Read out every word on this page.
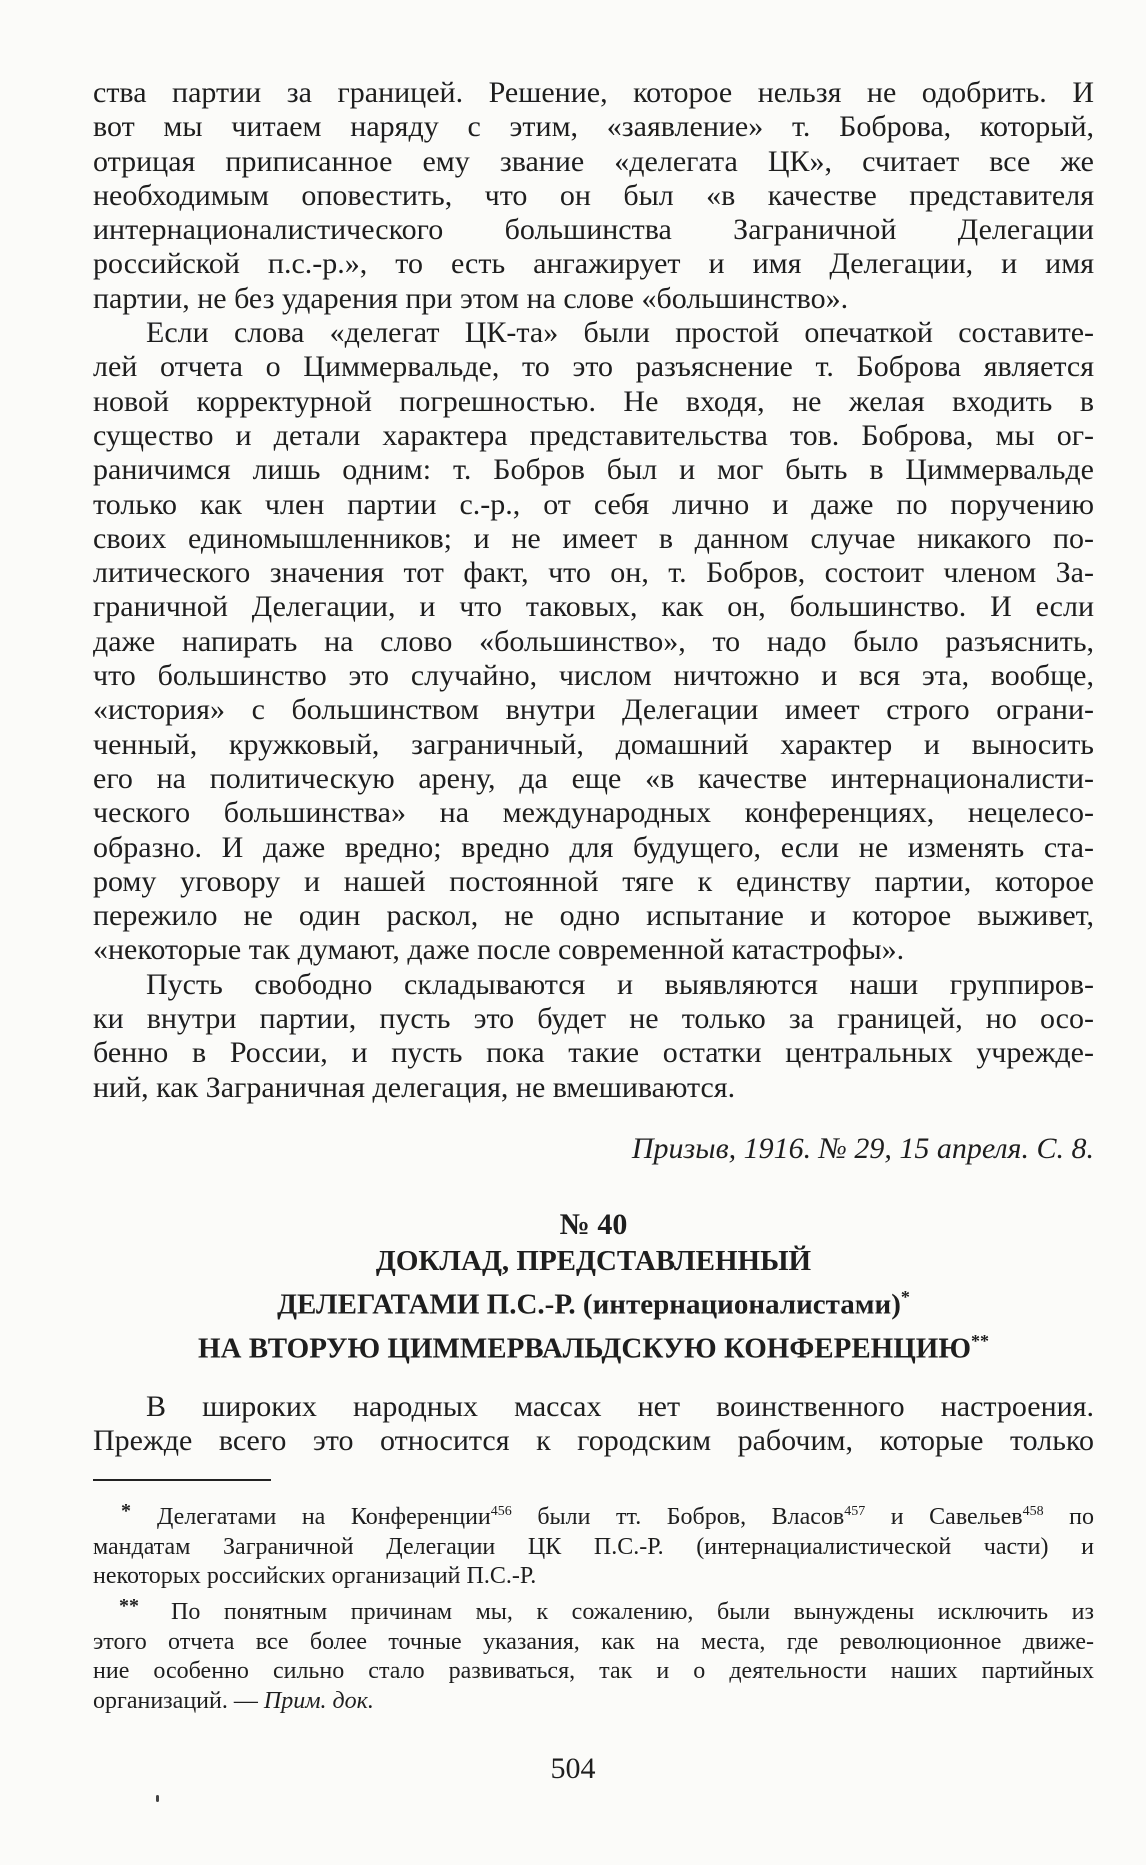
ства партии за границей. Решение, которое нельзя не одобрить. И
вот мы читаем наряду с этим, «заявление» т. Боброва, который,
отрицая приписанное ему звание «делегата ЦК», считает все же
необходимым оповестить, что он был «в качестве представителя
интернационалистического большинства Заграничной Делегации
российской п.с.-р.», то есть ангажирует и имя Делегации, и имя
партии, не без ударения при этом на слове «большинство».
Если слова «делегат ЦК-та» были простой опечаткой составите-
лей отчета о Циммервальде, то это разъяснение т. Боброва является
новой корректурной погрешностью. Не входя, не желая входить в
существо и детали характера представительства тов. Боброва, мы ог-
раничимся лишь одним: т. Бобров был и мог быть в Циммервальде
только как член партии с.-р., от себя лично и даже по поручению
своих единомышленников; и не имеет в данном случае никакого по-
литического значения тот факт, что он, т. Бобров, состоит членом За-
граничной Делегации, и что таковых, как он, большинство. И если
даже напирать на слово «большинство», то надо было разъяснить,
что большинство это случайно, числом ничтожно и вся эта, вообще,
«история» с большинством внутри Делегации имеет строго ограни-
ченный, кружковый, заграничный, домашний характер и выносить
его на политическую арену, да еще «в качестве интернационалисти-
ческого большинства» на международных конференциях, нецелесо-
образно. И даже вредно; вредно для будущего, если не изменять ста-
рому уговору и нашей постоянной тяге к единству партии, которое
пережило не один раскол, не одно испытание и которое выживет,
«некоторые так думают, даже после современной катастрофы».
Пусть свободно складываются и выявляются наши группиров-
ки внутри партии, пусть это будет не только за границей, но осо-
бенно в России, и пусть пока такие остатки центральных учрежде-
ний, как Заграничная делегация, не вмешиваются.
Призыв, 1916. № 29, 15 апреля. С. 8.
№ 40
ДОКЛАД, ПРЕДСТАВЛЕННЫЙ
ДЕЛЕГАТАМИ П.С.-Р. (интернационалистами)*
НА ВТОРУЮ ЦИММЕРВАЛЬДСКУЮ КОНФЕРЕНЦИЮ**
В широких народных массах нет воинственного настроения.
Прежде всего это относится к городским рабочим, которые только
*	Делегатами на Конференции$^{456}$ были тт. Бобров, Власов$^{457}$ и Савельев$^{458}$ по
мандатам Заграничной Делегации ЦК П.С.-Р. (интернациалистической части) и
некоторых российских организаций П.С.-Р.
**	По понятным причинам мы, к сожалению, были вынуждены исключить из
этого отчета все более точные указания, как на места, где революционное движе-
ние особенно сильно стало развиваться, так и о деятельности наших партийных
организаций. — Прим. док.
504
